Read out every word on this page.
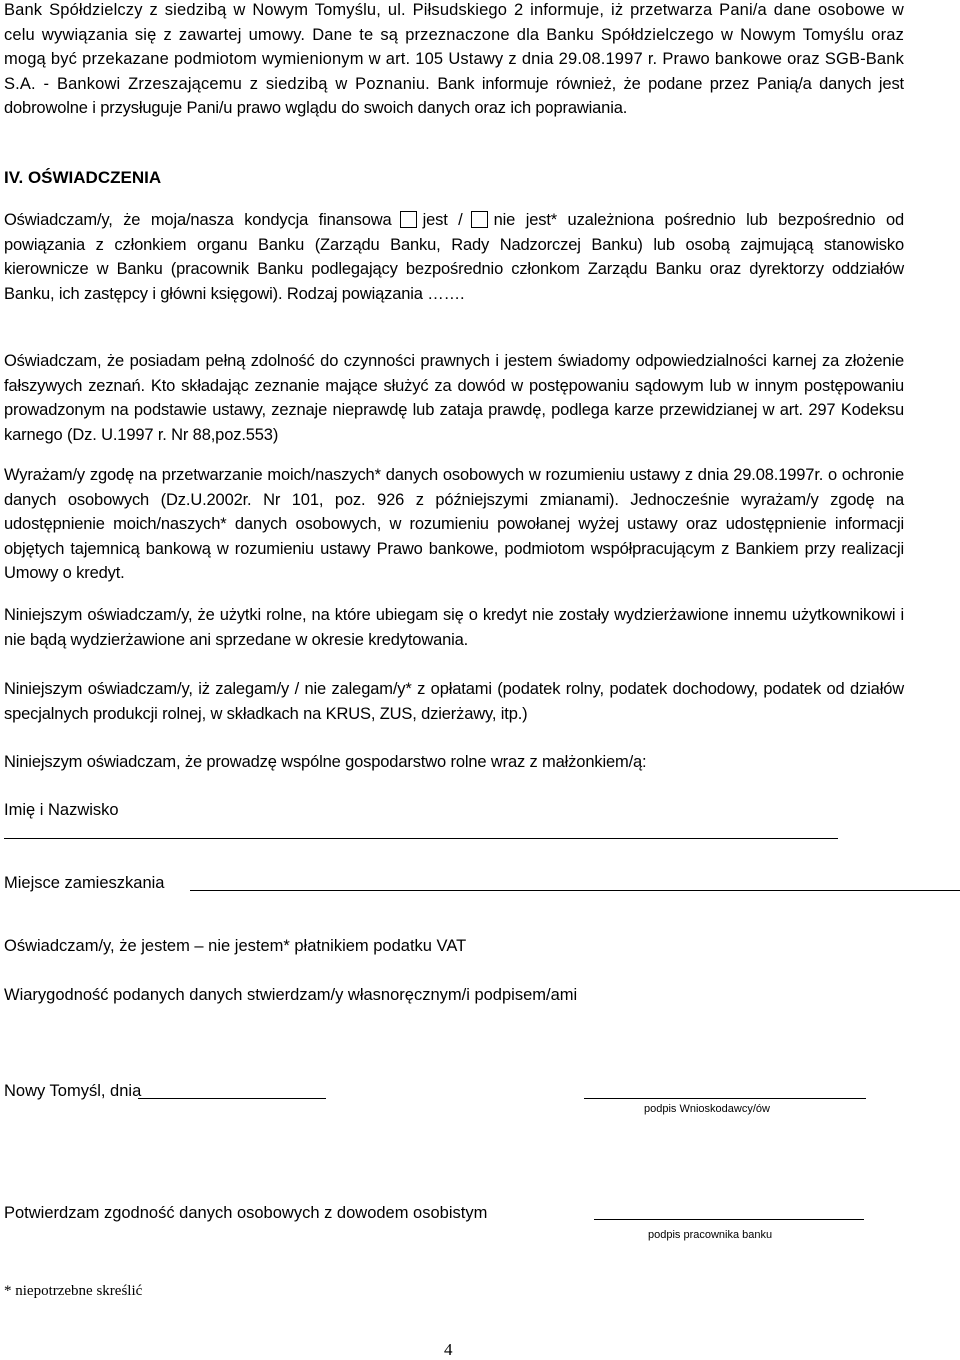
Bank Spółdzielczy z siedzibą w Nowym Tomyślu, ul. Piłsudskiego 2 informuje, iż przetwarza Pani/a dane osobowe w celu wywiązania się z zawartej umowy. Dane te są przeznaczone dla Banku Spółdzielczego w Nowym Tomyślu oraz mogą być przekazane podmiotom wymienionym w art. 105 Ustawy z dnia 29.08.1997 r. Prawo bankowe oraz SGB-Bank S.A. - Bankowi Zrzeszającemu z siedzibą w Poznaniu. Bank informuje również, że podane przez Panią/a danych jest dobrowolne i przysługuje Pani/u prawo wglądu do swoich danych oraz ich poprawiania.
IV. OŚWIADCZENIA
Oświadczam/y, że moja/nasza kondycja finansowa jest / nie jest* uzależniona pośrednio lub bezpośrednio od powiązania z członkiem organu Banku (Zarządu Banku, Rady Nadzorczej Banku) lub osobą zajmującą stanowisko kierownicze w Banku (pracownik Banku podlegający bezpośrednio członkom Zarządu Banku oraz dyrektorzy oddziałów Banku, ich zastępcy i główni księgowi). Rodzaj powiązania …….
Oświadczam, że posiadam pełną zdolność do czynności prawnych i jestem świadomy odpowiedzialności karnej za złożenie fałszywych zeznań. Kto składając zeznanie mające służyć za dowód w postępowaniu sądowym lub w innym postępowaniu prowadzonym na podstawie ustawy, zeznaje nieprawdę lub zataja prawdę, podlega karze przewidzianej w art. 297 Kodeksu karnego (Dz. U.1997 r. Nr 88,poz.553)
Wyrażam/y zgodę na przetwarzanie moich/naszych* danych osobowych w rozumieniu ustawy z dnia 29.08.1997r. o ochronie danych osobowych (Dz.U.2002r. Nr 101, poz. 926 z późniejszymi zmianami). Jednocześnie wyrażam/y zgodę na udostępnienie moich/naszych* danych osobowych, w rozumieniu powołanej wyżej ustawy oraz udostępnienie informacji objętych tajemnicą bankową w rozumieniu ustawy Prawo bankowe, podmiotom współpracującym z Bankiem przy realizacji Umowy o kredyt.
Niniejszym oświadczam/y, że użytki rolne, na które ubiegam się o kredyt nie zostały wydzierżawione innemu użytkownikowi i nie bądą wydzierżawione ani sprzedane w okresie kredytowania.
Niniejszym oświadczam/y, iż zalegam/y / nie zalegam/y* z opłatami (podatek rolny, podatek dochodowy, podatek od działów specjalnych produkcji rolnej, w składkach na KRUS, ZUS, dzierżawy, itp.)
Niniejszym oświadczam, że prowadzę wspólne gospodarstwo rolne wraz z małżonkiem/ą:
Imię i Nazwisko
Miejsce zamieszkania
Oświadczam/y, że jestem – nie jestem* płatnikiem podatku VAT
Wiarygodność podanych danych stwierdzam/y własnoręcznym/i podpisem/ami
Nowy Tomyśl, dnia
podpis Wnioskodawcy/ów
Potwierdzam zgodność danych osobowych z dowodem osobistym
podpis pracownika banku
* niepotrzebne skreślić
4
